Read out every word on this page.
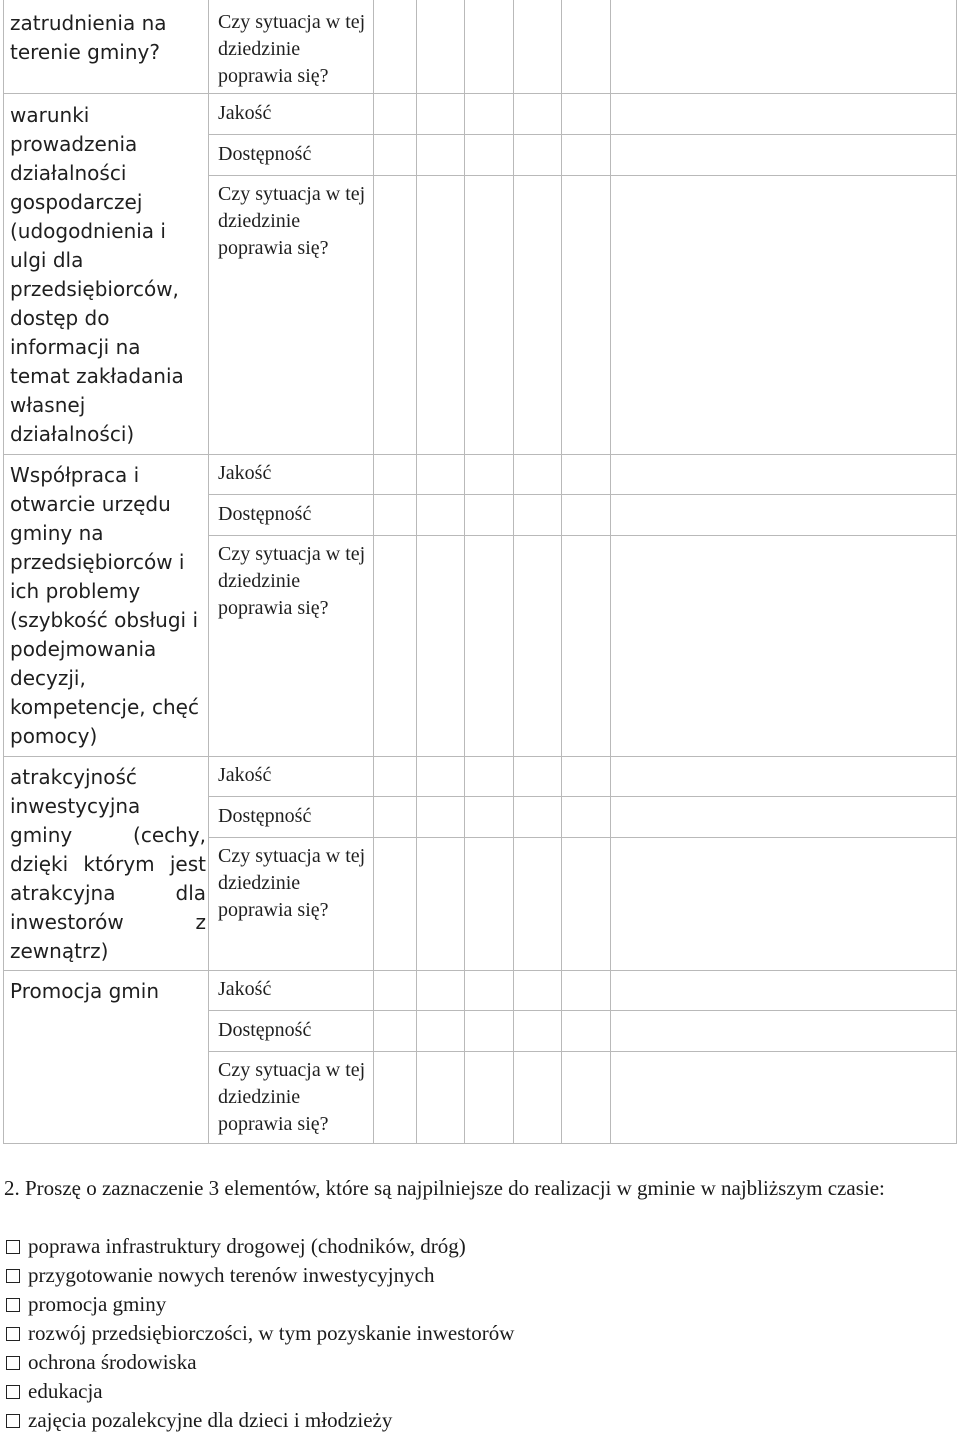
zatrudnienia na terenie gminy?

Czy sytuacja w tej dziedzinie poprawia się?

warunki prowadzenia działalności gospodarczej (udogodnienia i ulgi dla przedsiębiorców, dostęp do informacji na temat zakładania własnej działalności)

Jakość

Dostępność

Czy sytuacja w tej dziedzinie poprawia się?

Współpraca i otwarcie urzędu gminy na przedsiębiorców i ich problemy (szybkość obsługi i podejmowania decyzji, kompetencje, chęć pomocy)

Jakość

Dostępność

Czy sytuacja w tej dziedzinie poprawia się?

atrakcyjność inwestycyjna gminy (cechy, dzięki którym jest atrakcyjna dla inwestorów z zewnątrz)

Jakość

Dostępność

Czy sytuacja w tej dziedzinie poprawia się?

Promocja gmin	Jakość

Dostępność

Czy sytuacja w tej dziedzinie poprawia się?

2. Proszę o zaznaczenie 3 elementów, które są najpilniejsze do realizacji w gminie w najbliższym czasie:

poprawa infrastruktury drogowej (chodników, dróg)
przygotowanie nowych terenów inwestycyjnych
promocja gminy
rozwój przedsiębiorczości, w tym pozyskanie inwestorów
ochrona środowiska
edukacja
zajęcia pozalekcyjne dla dzieci i młodzieży
